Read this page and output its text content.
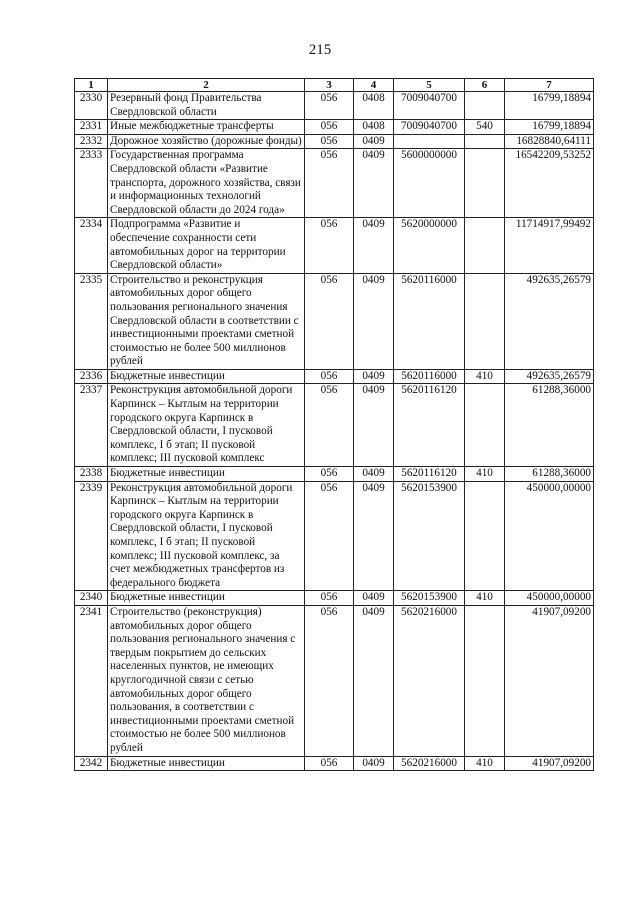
215
1	2	3	4	5	6	7
2330	Резервный фонд Правительства Свердловской области	056	0408	7009040700		16799,18894
2331	Иные межбюджетные трансферты	056	0408	7009040700	540	16799,18894
2332	Дорожное хозяйство (дорожные фонды)	056	0409			16828840,64111
2333	Государственная программа Свердловской области «Развитие транспорта, дорожного хозяйства, связи и информационных технологий Свердловской области до 2024 года»	056	0409	5600000000		16542209,53252
2334	Подпрограмма «Развитие и обеспечение сохранности сети автомобильных дорог на территории Свердловской области»	056	0409	5620000000		11714917,99492
2335	Строительство и реконструкция автомобильных дорог общего пользования регионального значения Свердловской области в соответствии с инвестиционными проектами сметной стоимостью не более 500 миллионов рублей	056	0409	5620116000		492635,26579
2336	Бюджетные инвестиции	056	0409	5620116000	410	492635,26579
2337	Реконструкция автомобильной дороги Карпинск – Кытлым на территории городского округа Карпинск в Свердловской области, I пусковой комплекс, I б этап; II пусковой комплекс; III пусковой комплекс	056	0409	5620116120		61288,36000
2338	Бюджетные инвестиции	056	0409	5620116120	410	61288,36000
2339	Реконструкция автомобильной дороги Карпинск – Кытлым на территории городского округа Карпинск в Свердловской области, I пусковой комплекс, I б этап; II пусковой комплекс; III пусковой комплекс, за счет межбюджетных трансфертов из федерального бюджета	056	0409	5620153900		450000,00000
2340	Бюджетные инвестиции	056	0409	5620153900	410	450000,00000
2341	Строительство (реконструкция) автомобильных дорог общего пользования регионального значения с твердым покрытием до сельских населенных пунктов, не имеющих круглогодичной связи с сетью автомобильных дорог общего пользования, в соответствии с инвестиционными проектами сметной стоимостью не более 500 миллионов рублей	056	0409	5620216000		41907,09200
2342	Бюджетные инвестиции	056	0409	5620216000	410	41907,09200
